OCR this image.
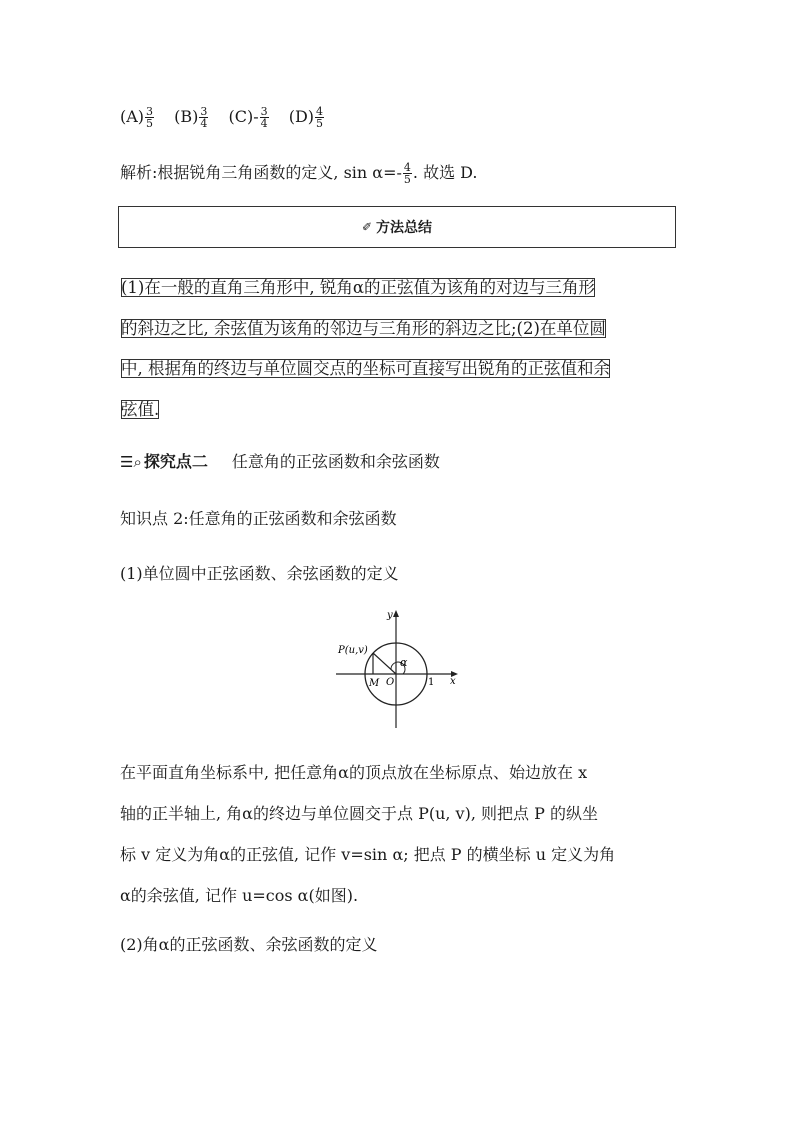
$(A) \frac{3}{5} (B) \frac{3}{4} (C)- \frac{3}{4} (D) \frac{4}{5}$
解析:根据锐角三角函数的定义, $\sin \alpha=- \frac{4}{5}$ . 故选 D.
✐ 方法总结
(1)在一般的直角三角形中, 锐角α的正弦值为该角的对边与三角形
的斜边之比, 余弦值为该角的邻边与三角形的斜边之比;(2)在单位圆
中, 根据角的终边与单位圆交点的坐标可直接写出锐角的正弦值和余
弦值.
☰⌕ 探究点二 任意角的正弦函数和余弦函数
知识点 2:任意角的正弦函数和余弦函数
(1)单位圆中正弦函数、余弦函数的定义
P(u,v)
α
M O	1 x
y
在平面直角坐标系中, 把任意角α的顶点放在坐标原点、始边放在 x
轴的正半轴上, 角α的终边与单位圆交于点 P(u, v), 则把点 P 的纵坐
标 v 定义为角α的正弦值, 记作 v=sin α; 把点 P 的横坐标 u 定义为角
α的余弦值, 记作 u=cos α(如图).
(2)角α的正弦函数、余弦函数的定义
